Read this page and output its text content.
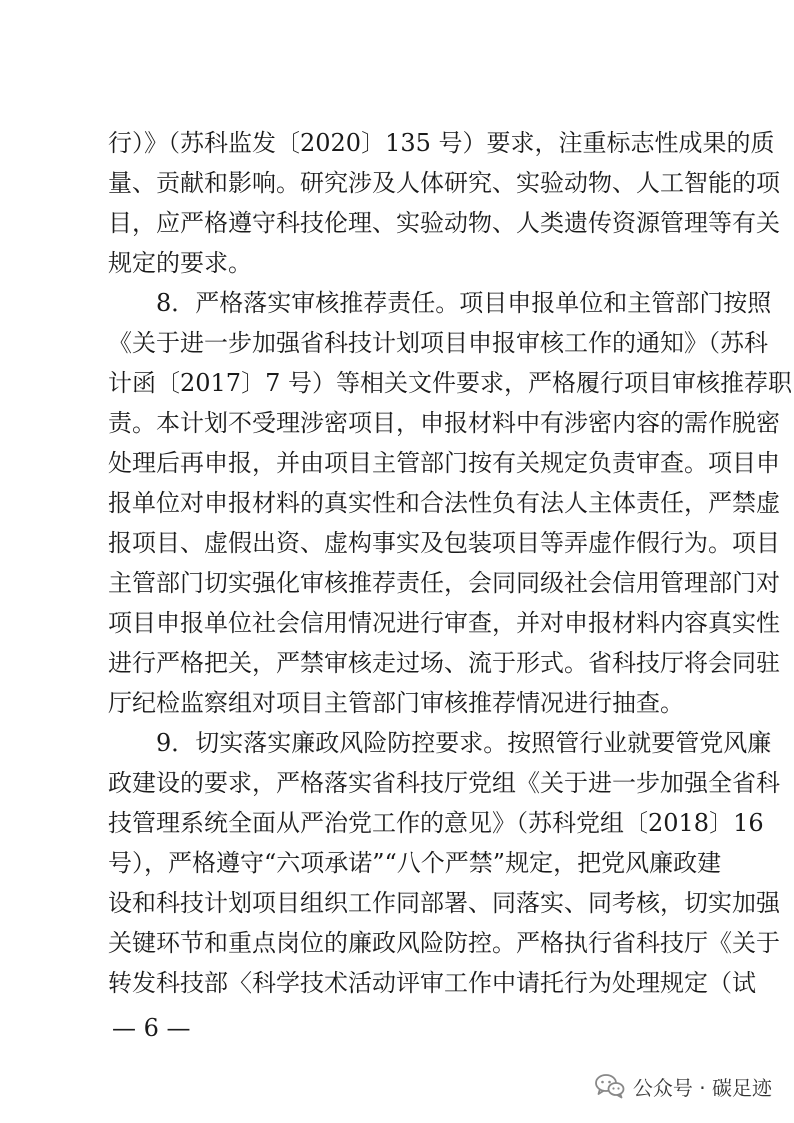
行）》（苏科监发〔2020〕135 号）要求，注重标志性成果的质
量、贡献和影响。研究涉及人体研究、实验动物、人工智能的项
目，应严格遵守科技伦理、实验动物、人类遗传资源管理等有关
规定的要求。
　　8．严格落实审核推荐责任。项目申报单位和主管部门按照
《关于进一步加强省科技计划项目申报审核工作的通知》（苏科
计函〔2017〕7 号）等相关文件要求，严格履行项目审核推荐职
责。本计划不受理涉密项目，申报材料中有涉密内容的需作脱密
处理后再申报，并由项目主管部门按有关规定负责审查。项目申
报单位对申报材料的真实性和合法性负有法人主体责任，严禁虚
报项目、虚假出资、虚构事实及包装项目等弄虚作假行为。项目
主管部门切实强化审核推荐责任，会同同级社会信用管理部门对
项目申报单位社会信用情况进行审查，并对申报材料内容真实性
进行严格把关，严禁审核走过场、流于形式。省科技厅将会同驻
厅纪检监察组对项目主管部门审核推荐情况进行抽查。
　　9．切实落实廉政风险防控要求。按照管行业就要管党风廉
政建设的要求，严格落实省科技厅党组《关于进一步加强全省科
技管理系统全面从严治党工作的意见》（苏科党组〔2018〕16
号），严格遵守“六项承诺”“八个严禁”规定，把党风廉政建
设和科技计划项目组织工作同部署、同落实、同考核，切实加强
关键环节和重点岗位的廉政风险防控。严格执行省科技厅《关于
转发科技部〈科学技术活动评审工作中请托行为处理规定（试
— 6 —
公众号 · 碳足迹
